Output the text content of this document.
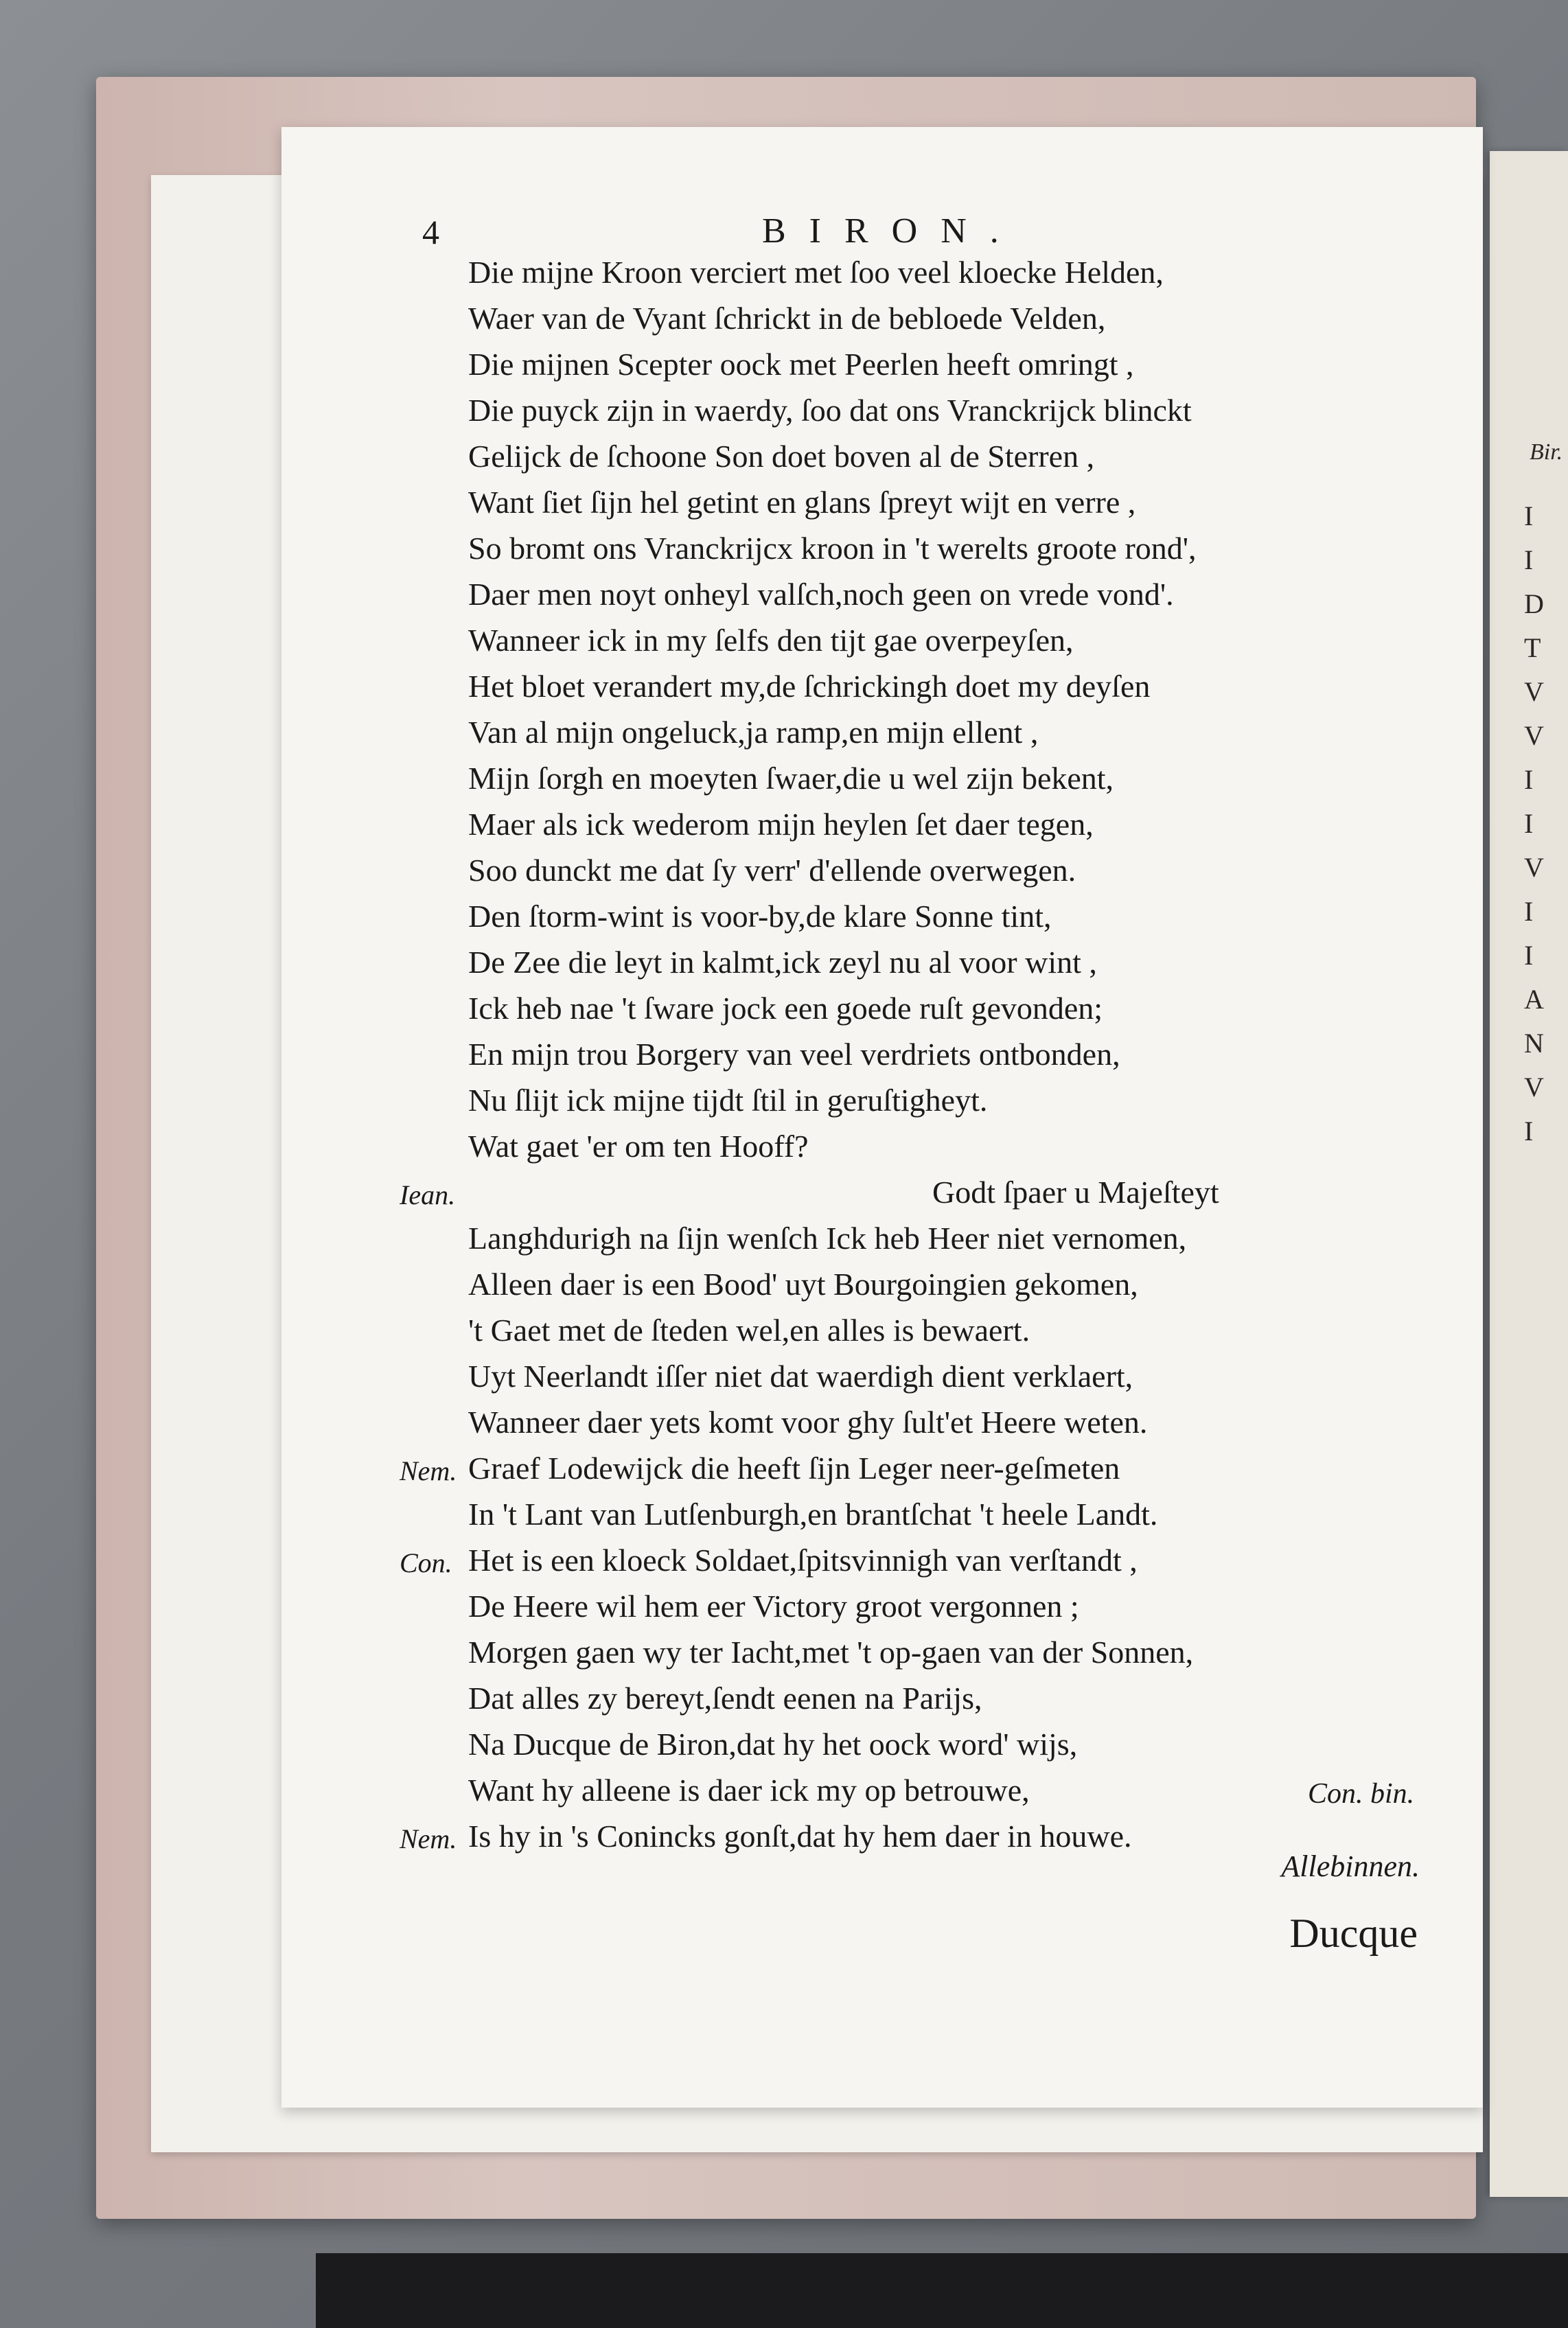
Bir.
I
I
D
T
V
V
I
I
V
I
I
A
N
V
I
4	BIRON.
Die mijne Kroon verciert met ſoo veel kloecke Helden,
Waer van de Vyant ſchrickt in de bebloede Velden,
Die mijnen Scepter oock met Peerlen heeft omringt ,
Die puyck zijn in waerdy, ſoo dat ons Vranckrijck blinckt
Gelijck de ſchoone Son doet boven al de Sterren ,
Want ſiet ſijn hel getint en glans ſpreyt wijt en verre ,
So bromt ons Vranckrijcx kroon in 't werelts groote rond',
Daer men noyt onheyl valſch,noch geen on vrede vond'.
Wanneer ick in my ſelfs den tijt gae overpeyſen,
Het bloet verandert my,de ſchrickingh doet my deyſen
Van al mijn ongeluck,ja ramp,en mijn ellent ,
Mijn ſorgh en moeyten ſwaer,die u wel zijn bekent,
Maer als ick wederom mijn heylen ſet daer tegen,
Soo dunckt me dat ſy verr' d'ellende overwegen.
Den ſtorm-wint is voor-by,de klare Sonne tint,
De Zee die leyt in kalmt,ick zeyl nu al voor wint ,
Ick heb nae 't ſware jock een goede ruſt gevonden;
En mijn trou Borgery van veel verdriets ontbonden,
Nu ſlijt ick mijne tijdt ſtil in geruſtigheyt.
Wat gaet 'er om ten Hooff?
Iean.	Godt ſpaer u Majeſteyt
Langhdurigh na ſijn wenſch Ick heb Heer niet vernomen,
Alleen daer is een Bood' uyt Bourgoingien gekomen,
't Gaet met de ſteden wel,en alles is bewaert.
Uyt Neerlandt iſſer niet dat waerdigh dient verklaert,
Wanneer daer yets komt voor ghy ſult'et Heere weten.
Nem. Graef Lodewijck die heeft ſijn Leger neer-geſmeten
In 't Lant van Lutſenburgh,en brantſchat 't heele Landt.
Con. Het is een kloeck Soldaet,ſpitsvinnigh van verſtandt ,
De Heere wil hem eer Victory groot vergonnen ;
Morgen gaen wy ter Iacht,met 't op-gaen van der Sonnen,
Dat alles zy bereyt,ſendt eenen na Parijs,
Na Ducque de Biron,dat hy het oock word' wijs,
Want hy alleene is daer ick my op betrouwe,	Con. bin.
Nem. Is hy in 's Conincks gonſt,dat hy hem daer in houwe.
Allebinnen.
Ducque
